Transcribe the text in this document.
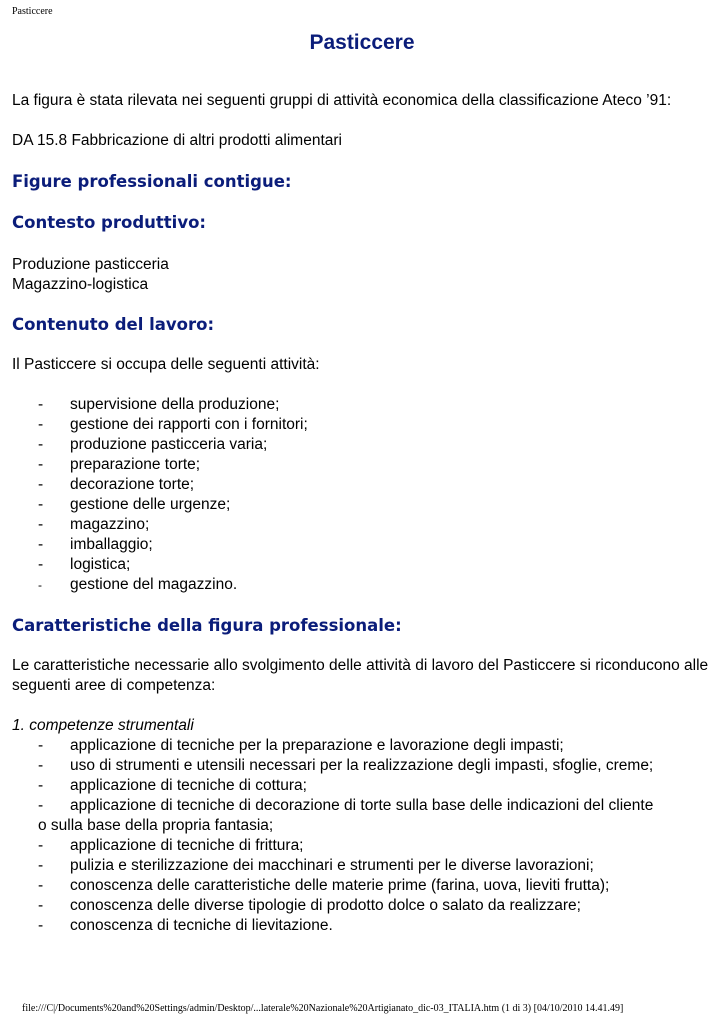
Pasticcere
Pasticcere

La figura è stata rilevata nei seguenti gruppi di attività economica della classificazione Ateco ’91:

DA 15.8 Fabbricazione di altri prodotti alimentari

Figure professionali contigue:
Contesto produttivo:

Produzione pasticceria

Magazzino-logistica

Contenuto del lavoro:

Il Pasticcere si occupa delle seguenti attività:

- supervisione della produzione;
- gestione dei rapporti con i fornitori;
- produzione pasticceria varia;
- preparazione torte;
- decorazione torte;
- gestione delle urgenze;
- magazzino;
- imballaggio;
- logistica;
- gestione del magazzino.
Caratteristiche della figura professionale:

Le caratteristiche necessarie allo svolgimento delle attività di lavoro del Pasticcere si riconducono alle seguenti aree di competenza:

1. competenze strumentali

- applicazione di tecniche per la preparazione e lavorazione degli impasti;
- uso di strumenti e utensili necessari per la realizzazione degli impasti, sfoglie, creme;
- applicazione di tecniche di cottura;
- applicazione di tecniche di decorazione di torte sulla base delle indicazioni del cliente
o sulla base della propria fantasia;
- applicazione di tecniche di frittura;
- pulizia e sterilizzazione dei macchinari e strumenti per le diverse lavorazioni;
- conoscenza delle caratteristiche delle materie prime (farina, uova, lieviti frutta);
- conoscenza delle diverse tipologie di prodotto dolce o salato da realizzare;
- conoscenza di tecniche di lievitazione.
file:///C|/Documents%20and%20Settings/admin/Desktop/...laterale%20Nazionale%20Artigianato_dic-03_ITALIA.htm (1 di 3) [04/10/2010 14.41.49]
